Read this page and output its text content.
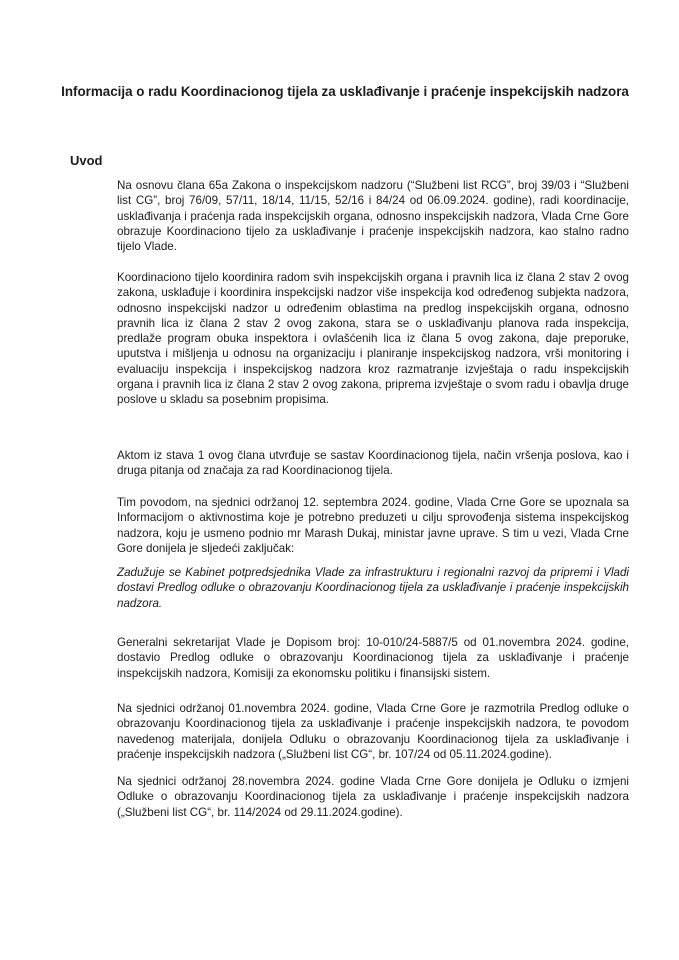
Informacija o radu Koordinacionog tijela za usklađivanje i praćenje inspekcijskih nadzora
Uvod

Na osnovu člana 65a Zakona o inspekcijskom nadzoru (“Službeni list RCG”, broj 39/03 i “Službeni list CG”, broj 76/09, 57/11, 18/14, 11/15, 52/16 i 84/24 od 06.09.2024. godine), radi koordinacije, usklađivanja i praćenja rada inspekcijskih organa, odnosno inspekcijskih nadzora, Vlada Crne Gore obrazuje Koordinaciono tijelo za usklađivanje i praćenje inspekcijskih nadzora, kao stalno radno tijelo Vlade.

Koordinaciono tijelo koordinira radom svih inspekcijskih organa i pravnih lica iz člana 2 stav 2 ovog zakona, usklađuje i koordinira inspekcijski nadzor više inspekcija kod određenog subjekta nadzora, odnosno inspekcijski nadzor u određenim oblastima na predlog inspekcijskih organa, odnosno pravnih lica iz člana 2 stav 2 ovog zakona, stara se o usklađivanju planova rada inspekcija, predlaže program obuka inspektora i ovlašćenih lica iz člana 5 ovog zakona, daje preporuke, uputstva i mišljenja u odnosu na organizaciju i planiranje inspekcijskog nadzora, vrši monitoring i evaluaciju inspekcija i inspekcijskog nadzora kroz razmatranje izvještaja o radu inspekcijskih organa i pravnih lica iz člana 2 stav 2 ovog zakona, priprema izvještaje o svom radu i obavlja druge poslove u skladu sa posebnim propisima.

Aktom iz stava 1 ovog člana utvrđuje se sastav Koordinacionog tijela, način vršenja poslova, kao i druga pitanja od značaja za rad Koordinacionog tijela.

Tim povodom, na sjednici održanoj 12. septembra 2024. godine, Vlada Crne Gore se upoznala sa Informacijom o aktivnostima koje je potrebno preduzeti u cilju sprovođenja sistema inspekcijskog nadzora, koju je usmeno podnio mr Marash Dukaj, ministar javne uprave. S tim u vezi, Vlada Crne Gore donijela je sljedeći zaključak:

Zadužuje se Kabinet potpredsjednika Vlade za infrastrukturu i regionalni razvoj da pripremi i Vladi dostavi Predlog odluke o obrazovanju Koordinacionog tijela za usklađivanje i praćenje inspekcijskih nadzora.

Generalni sekretarijat Vlade je Dopisom broj: 10-010/24-5887/5 od 01.novembra 2024. godine, dostavio Predlog odluke o obrazovanju Koordinacionog tijela za usklađivanje i praćenje inspekcijskih nadzora, Komisiji za ekonomsku politiku i finansijski sistem.

Na sjednici održanoj 01.novembra 2024. godine, Vlada Crne Gore je razmotrila Predlog odluke o obrazovanju Koordinacionog tijela za usklađivanje i praćenje inspekcijskih nadzora, te povodom navedenog materijala, donijela Odluku o obrazovanju Koordinacionog tijela za usklađivanje i praćenje inspekcijskih nadzora („Službeni list CG“, br. 107/24 od 05.11.2024.godine).

Na sjednici održanoj 28.novembra 2024. godine Vlada Crne Gore donijela je Odluku o izmjeni Odluke o obrazovanju Koordinacionog tijela za usklađivanje i praćenje inspekcijskih nadzora („Službeni list CG“, br. 114/2024 od 29.11.2024.godine).
